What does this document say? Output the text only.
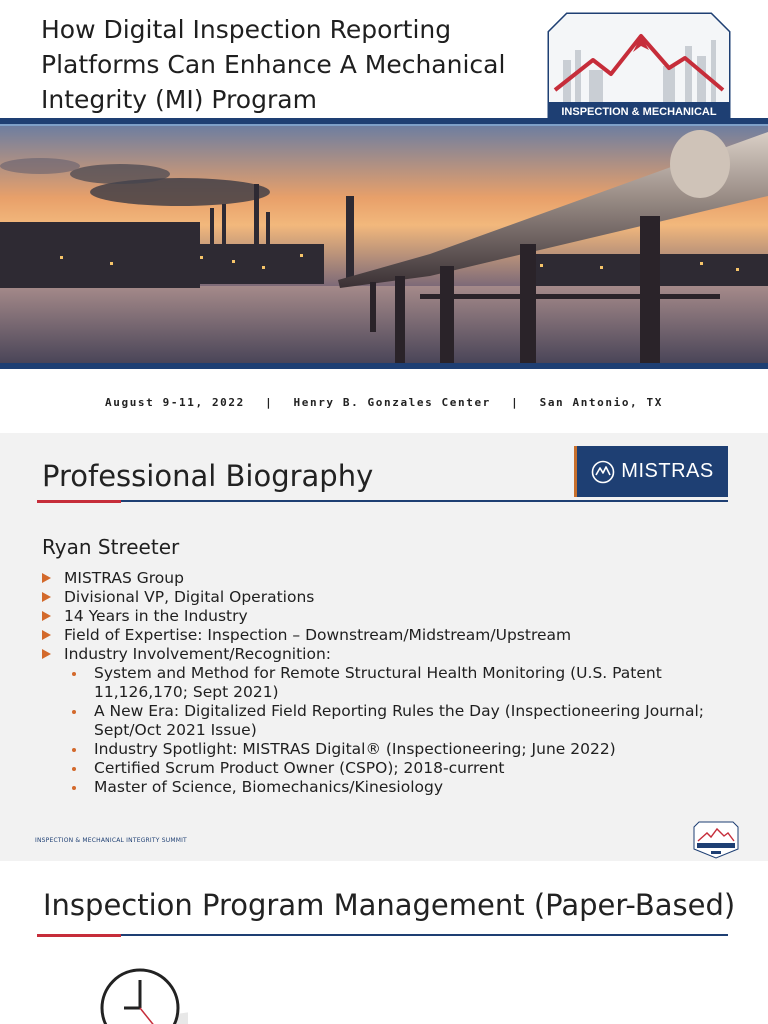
How Digital Inspection Reporting Platforms Can Enhance A Mechanical Integrity (MI) Program	INSPECTION & MECHANICAL
August 9-11, 2022 | Henry B. Gonzales Center | San Antonio, TX
Professional Biography	MISTRAS
Ryan Streeter
MISTRAS Group
Divisional VP, Digital Operations
14 Years in the Industry
Field of Expertise: Inspection – Downstream/Midstream/Upstream
Industry Involvement/Recognition:
System and Method for Remote Structural Health Monitoring (U.S. Patent 11,126,170; Sept 2021)
A New Era: Digitalized Field Reporting Rules the Day (Inspectioneering Journal; Sept/Oct 2021 Issue)
Industry Spotlight: MISTRAS Digital® (Inspectioneering; June 2022)
Certified Scrum Product Owner (CSPO); 2018-current
Master of Science, Biomechanics/Kinesiology
INSPECTION & MECHANICAL INTEGRITY SUMMIT
Inspection Program Management (Paper-Based)
